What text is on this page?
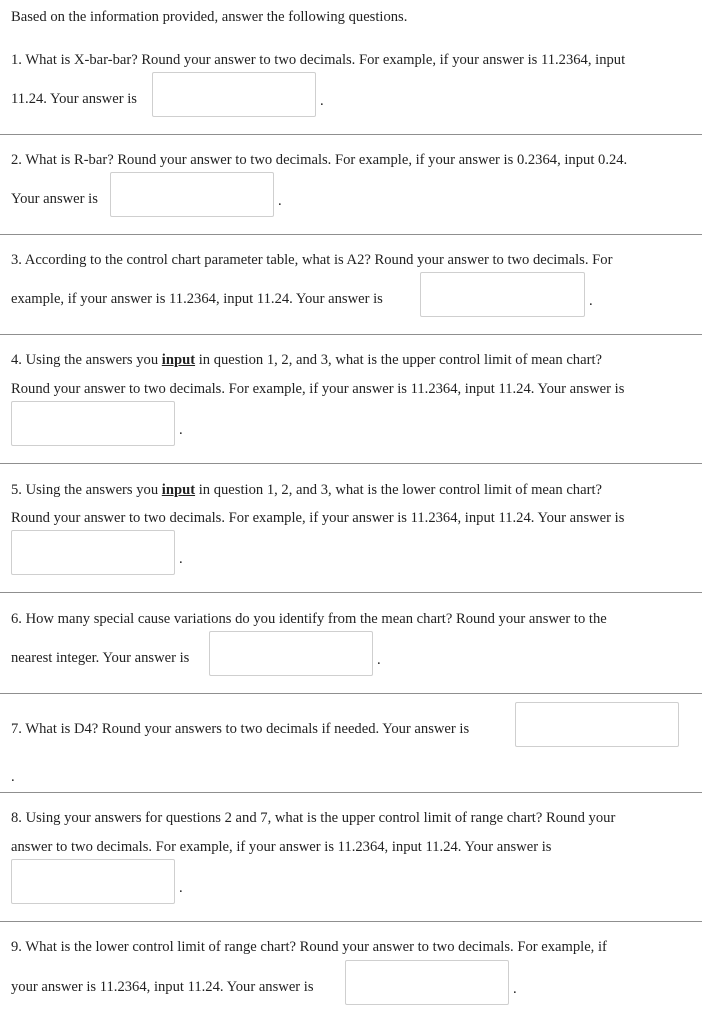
Based on the information provided, answer the following questions.
1. What is X-bar-bar? Round your answer to two decimals. For example, if your answer is 11.2364, input
11.24. Your answer is	.
2. What is R-bar? Round your answer to two decimals. For example, if your answer is 0.2364, input 0.24.
Your answer is	.
3. According to the control chart parameter table, what is A2? Round your answer to two decimals. For
example, if your answer is 11.2364, input 11.24. Your answer is	.
4. Using the answers you input in question 1, 2, and 3, what is the upper control limit of mean chart?
Round your answer to two decimals. For example, if your answer is 11.2364, input 11.24. Your answer is
.
5. Using the answers you input in question 1, 2, and 3, what is the lower control limit of mean chart?
Round your answer to two decimals. For example, if your answer is 11.2364, input 11.24. Your answer is
.
6. How many special cause variations do you identify from the mean chart? Round your answer to the
nearest integer. Your answer is	.
7. What is D4? Round your answers to two decimals if needed. Your answer is
.
8. Using your answers for questions 2 and 7, what is the upper control limit of range chart? Round your
answer to two decimals. For example, if your answer is 11.2364, input 11.24. Your answer is
.
9. What is the lower control limit of range chart? Round your answer to two decimals. For example, if
your answer is 11.2364, input 11.24. Your answer is	.
